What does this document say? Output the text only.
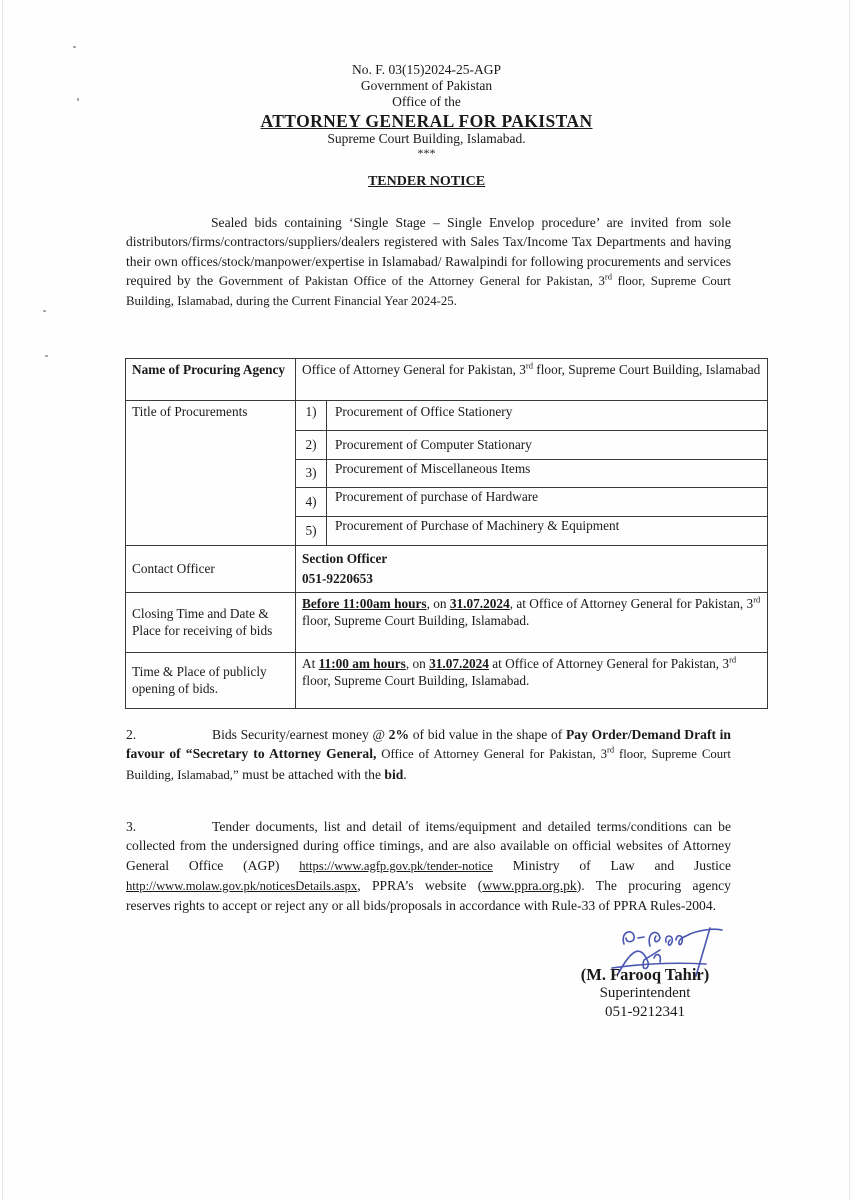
No. F. 03(15)2024-25-AGP
Government of Pakistan
Office of the
ATTORNEY GENERAL FOR PAKISTAN
Supreme Court Building, Islamabad.
***
TENDER NOTICE
Sealed bids containing ‘Single Stage – Single Envelop procedure’ are invited from sole distributors/firms/contractors/suppliers/dealers registered with Sales Tax/Income Tax Departments and having their own offices/stock/manpower/expertise in Islamabad/ Rawalpindi for following procurements and services required by the Government of Pakistan Office of the Attorney General for Pakistan, 3rd floor, Supreme Court Building, Islamabad, during the Current Financial Year 2024-25.
Name of Procuring Agency	Office of Attorney General for Pakistan, 3rd floor, Supreme Court Building, Islamabad	
Title of Procurements	1)	Procurement of Office Stationery
	2)	Procurement of Computer Stationary
	3)	Procurement of Miscellaneous Items
	4)	Procurement of purchase of Hardware
	5)	Procurement of Purchase of Machinery & Equipment
Contact Officer	Section Officer
051-9220653	

Closing Time and Date & Place for receiving of bids	Before 11:00am hours, on 31.07.2024, at Office of Attorney General for Pakistan, 3rd floor, Supreme Court Building, Islamabad.	
Time & Place of publicly opening of bids.	At 11:00 am hours, on 31.07.2024 at Office of Attorney General for Pakistan, 3rd floor, Supreme Court Building, Islamabad.	
2.	Bids Security/earnest money @ 2% of bid value in the shape of Pay Order/Demand Draft in favour of “Secretary to Attorney General, Office of Attorney General for Pakistan, 3rd floor, Supreme Court Building, Islamabad,” must be attached with the bid.
3.	Tender documents, list and detail of items/equipment and detailed terms/conditions can be collected from the undersigned during office timings, and are also available on official websites of Attorney General Office (AGP) https://www.agfp.gov.pk/tender-notice Ministry of Law and Justice http://www.molaw.gov.pk/noticesDetails.aspx, PPRA’s website (www.ppra.org.pk). The procuring agency reserves rights to accept or reject any or all bids/proposals in accordance with Rule-33 of PPRA Rules-2004.
(M. Farooq Tahir)
Superintendent
051-9212341
